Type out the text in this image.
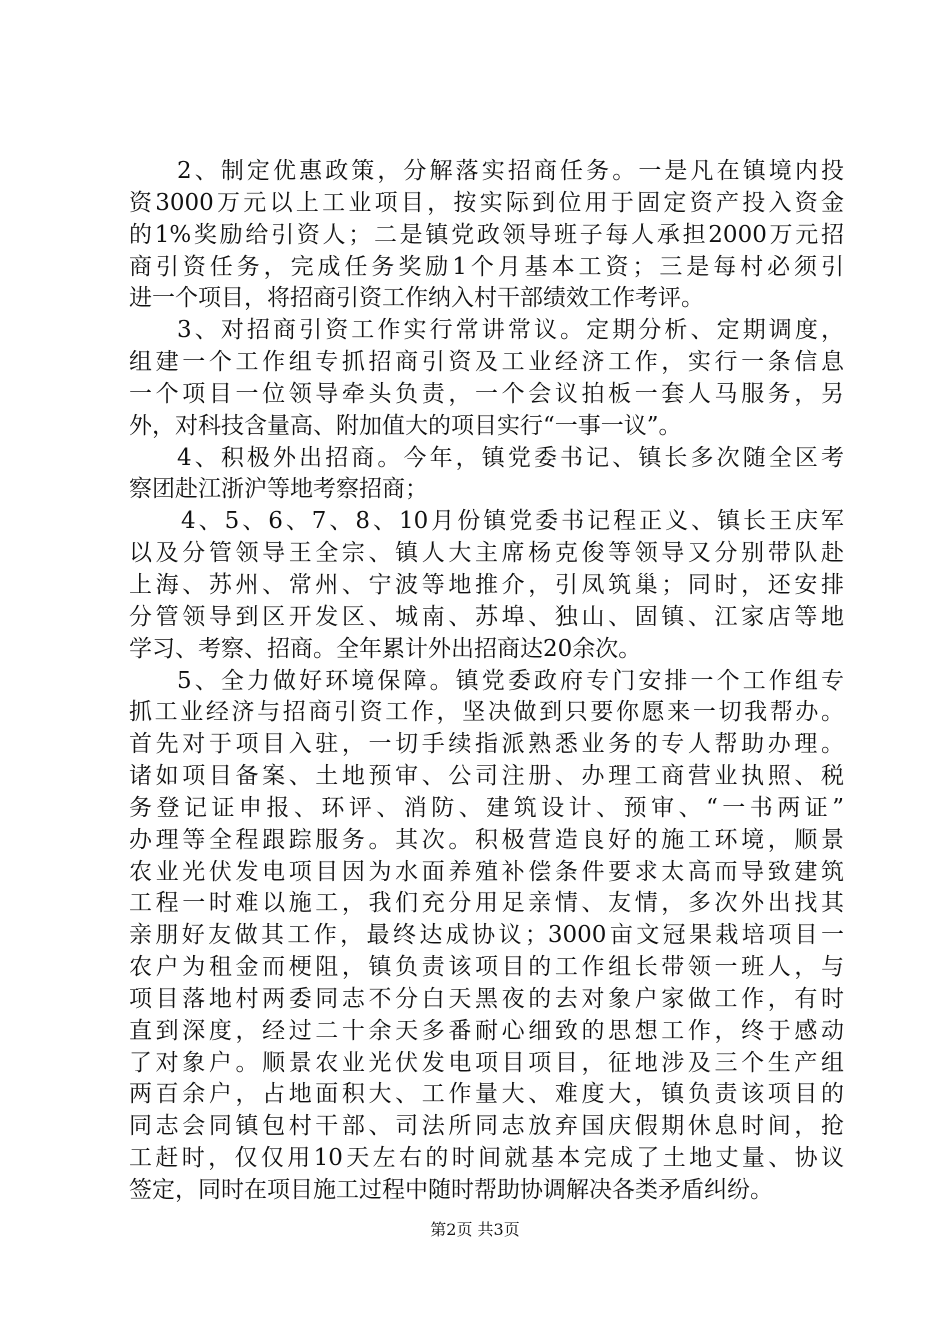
2、制定优惠政策，分解落实招商任务。一是凡在镇境内投
资3000万元以上工业项目，按实际到位用于固定资产投入资金
的1%奖励给引资人；二是镇党政领导班子每人承担2000万元招
商引资任务，完成任务奖励1个月基本工资；三是每村必须引
进一个项目，将招商引资工作纳入村干部绩效工作考评。
3、对招商引资工作实行常讲常议。定期分析、定期调度，
组建一个工作组专抓招商引资及工业经济工作，实行一条信息
一个项目一位领导牵头负责，一个会议拍板一套人马服务，另
外，对科技含量高、附加值大的项目实行“一事一议”。
4、积极外出招商。今年，镇党委书记、镇长多次随全区考
察团赴江浙沪等地考察招商；
4、5、6、7、8、10月份镇党委书记程正义、镇长王庆军
以及分管领导王全宗、镇人大主席杨克俊等领导又分别带队赴
上海、苏州、常州、宁波等地推介，引凤筑巢；同时，还安排
分管领导到区开发区、城南、苏埠、独山、固镇、江家店等地
学习、考察、招商。全年累计外出招商达20余次。
5、全力做好环境保障。镇党委政府专门安排一个工作组专
抓工业经济与招商引资工作，坚决做到只要你愿来一切我帮办。
首先对于项目入驻，一切手续指派熟悉业务的专人帮助办理。
诸如项目备案、土地预审、公司注册、办理工商营业执照、税
务登记证申报、环评、消防、建筑设计、预审、“一书两证”
办理等全程跟踪服务。其次。积极营造良好的施工环境，顺景
农业光伏发电项目因为水面养殖补偿条件要求太高而导致建筑
工程一时难以施工，我们充分用足亲情、友情，多次外出找其
亲朋好友做其工作，最终达成协议；3000亩文冠果栽培项目一
农户为租金而梗阻，镇负责该项目的工作组长带领一班人，与
项目落地村两委同志不分白天黑夜的去对象户家做工作，有时
直到深度，经过二十余天多番耐心细致的思想工作，终于感动
了对象户。顺景农业光伏发电项目项目，征地涉及三个生产组
两百余户，占地面积大、工作量大、难度大，镇负责该项目的
同志会同镇包村干部、司法所同志放弃国庆假期休息时间，抢
工赶时，仅仅用10天左右的时间就基本完成了土地丈量、协议
签定，同时在项目施工过程中随时帮助协调解决各类矛盾纠纷。
第2页 共3页
